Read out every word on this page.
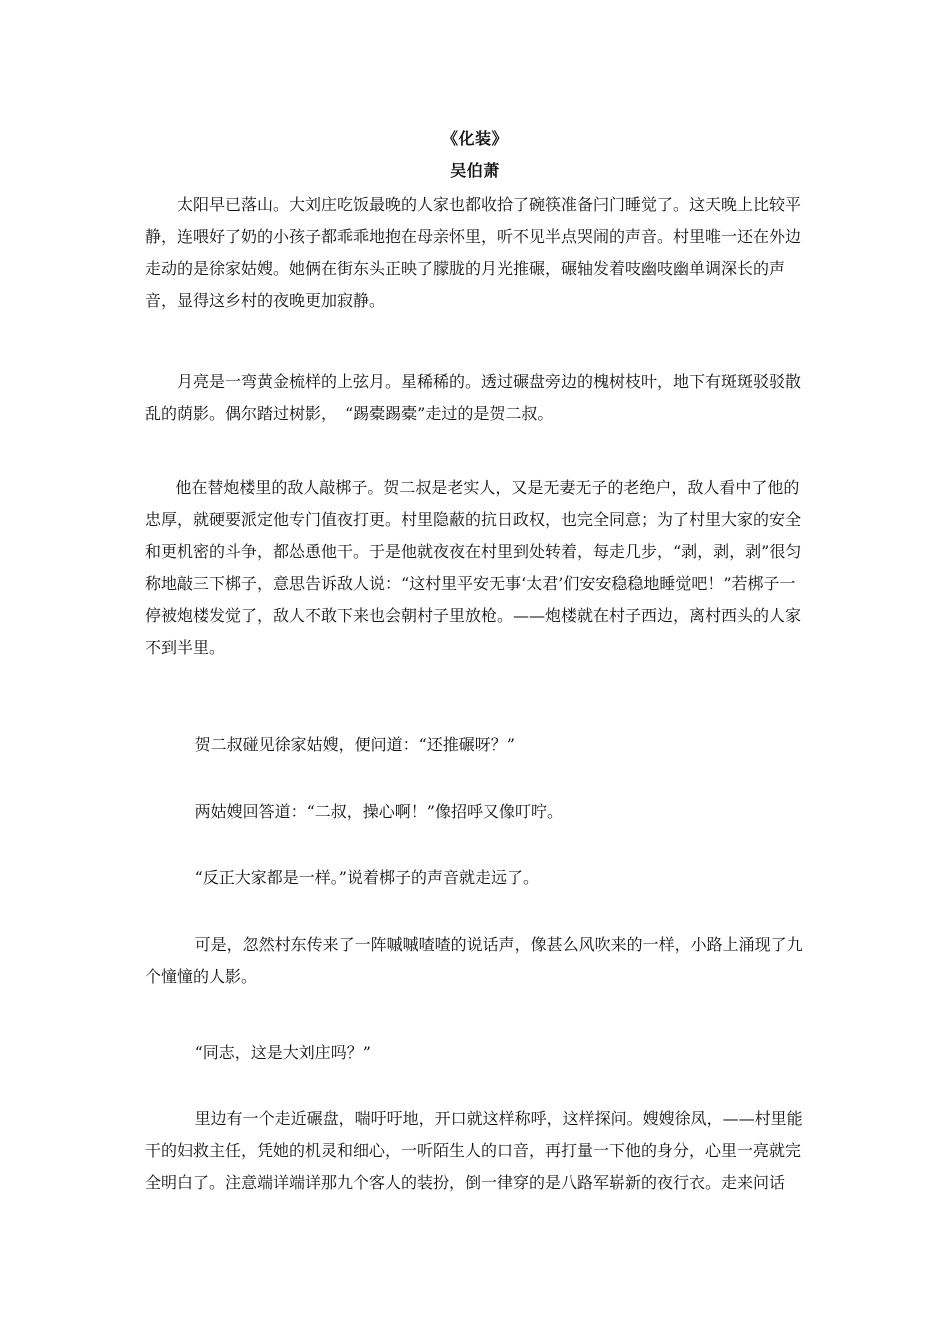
《化装》
吴伯萧

太阳早已落山。大刘庄吃饭最晚的人家也都收拾了碗筷准备闩门睡觉了。这天晚上比较平静，连喂好了奶的小孩子都乖乖地抱在母亲怀里，听不见半点哭闹的声音。村里唯一还在外边走动的是徐家姑嫂。她俩在街东头正映了朦胧的月光推碾，碾轴发着吱幽吱幽单调深长的声音，显得这乡村的夜晚更加寂静。

月亮是一弯黄金梳样的上弦月。星稀稀的。透过碾盘旁边的槐树枝叶，地下有斑斑驳驳散乱的荫影。偶尔踏过树影，　“踢橐踢橐”走过的是贺二叔。

他在替炮楼里的敌人敲梆子。贺二叔是老实人，又是无妻无子的老绝户，敌人看中了他的忠厚，就硬要派定他专门值夜打更。村里隐蔽的抗日政权，也完全同意；为了村里大家的安全和更机密的斗争，都怂恿他干。于是他就夜夜在村里到处转着，每走几步，“剥，剥，剥”很匀称地敲三下梆子，意思告诉敌人说：“这村里平安无事‘太君’们安安稳稳地睡觉吧！”若梆子一停被炮楼发觉了，敌人不敢下来也会朝村子里放枪。——炮楼就在村子西边，离村西头的人家不到半里。

贺二叔碰见徐家姑嫂，便问道：“还推碾呀？”

两姑嫂回答道：“二叔，操心啊！”像招呼又像叮咛。

“反正大家都是一样。”说着梆子的声音就走远了。

可是，忽然村东传来了一阵嘁嘁喳喳的说话声，像甚么风吹来的一样，小路上涌现了九个憧憧的人影。

“同志，这是大刘庄吗？”

里边有一个走近碾盘，喘吁吁地，开口就这样称呼，这样探问。嫂嫂徐凤，——村里能干的妇救主任，凭她的机灵和细心，一听陌生人的口音，再打量一下他的身分，心里一亮就完全明白了。注意端详端详那九个客人的装扮，倒一律穿的是八路军崭新的夜行衣。走来问话
